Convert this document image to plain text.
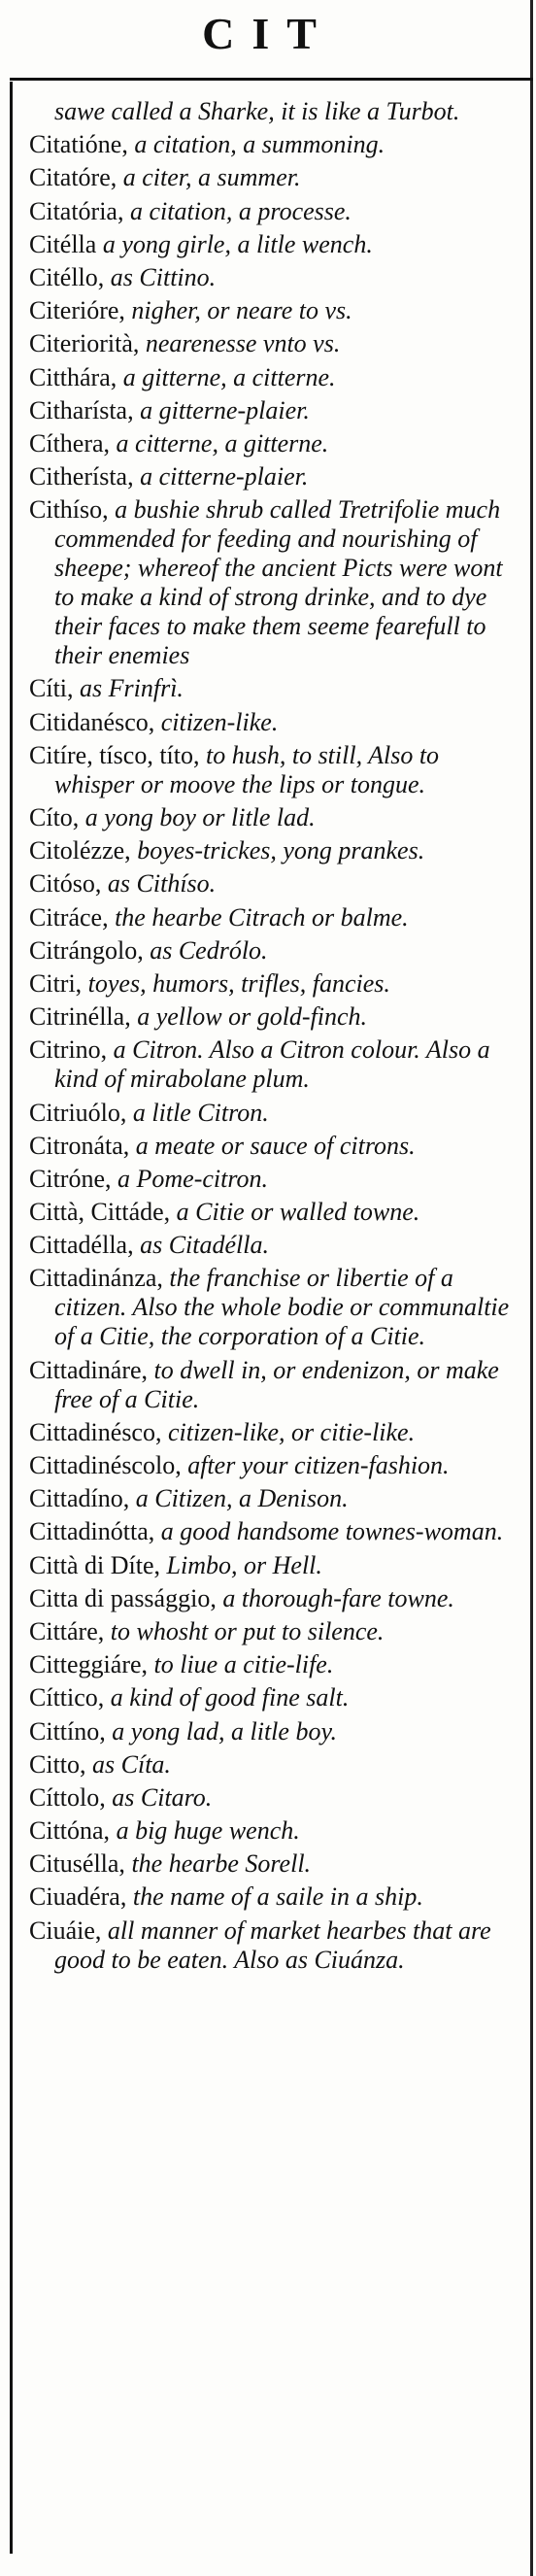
CIT

sawe called a Sharke, it is like a Turbot.

Citatióne, a citation, a summoning.

Citatóre, a citer, a summer.

Citatória, a citation, a processe.

Citélla a yong girle, a litle wench.

Citéllo, as Cittino.

Citerióre, nigher, or neare to vs.

Citeriorità, nearenesse vnto vs.

Citthára, a gitterne, a citterne.

Citharísta, a gitterne-plaier.

Cíthera, a citterne, a gitterne.

Citherísta, a citterne-plaier.

Cithíso, a bushie shrub called Tretrifolie much commended for feeding and nourishing of sheepe; whereof the ancient Picts were wont to make a kind of strong drinke, and to dye their faces to make them seeme fearefull to their enemies

Cíti, as Frinfrì.

Citidanésco, citizen-like.

Citíre, tísco, títo, to hush, to still, Also to whisper or moove the lips or tongue.

Cíto, a yong boy or litle lad.

Citolézze, boyes-trickes, yong prankes.

Citóso, as Cithíso.

Citráce, the hearbe Citrach or balme.

Citrángolo, as Cedrólo.

Citri, toyes, humors, trifles, fancies.

Citrinélla, a yellow or gold-finch.

Citrino, a Citron. Also a Citron colour. Also a kind of mirabolane plum.

Citriuólo, a litle Citron.

Citronáta, a meate or sauce of citrons.

Citróne, a Pome-citron.

Città, Cittáde, a Citie or walled towne.

Cittadélla, as Citadélla.

Cittadinánza, the franchise or libertie of a citizen. Also the whole bodie or communaltie of a Citie, the corporation of a Citie.

Cittadináre, to dwell in, or endenizon, or make free of a Citie.

Cittadinésco, citizen-like, or citie-like.

Cittadinéscolo, after your citizen-fashion.

Cittadíno, a Citizen, a Denison.

Cittadinótta, a good handsome townes-woman.

Città di Díte, Limbo, or Hell.

Citta di passággio, a thorough-fare towne.

Cittáre, to whosht or put to silence.

Citteggiáre, to liue a citie-life.

Cíttico, a kind of good fine salt.

Cittíno, a yong lad, a litle boy.

Citto, as Cíta.

Cíttolo, as Citaro.

Cittóna, a big huge wench.

Citusélla, the hearbe Sorell.

Ciuadéra, the name of a saile in a ship.

Ciuáie, all manner of market hearbes that are good to be eaten. Also as Ciuánza.
